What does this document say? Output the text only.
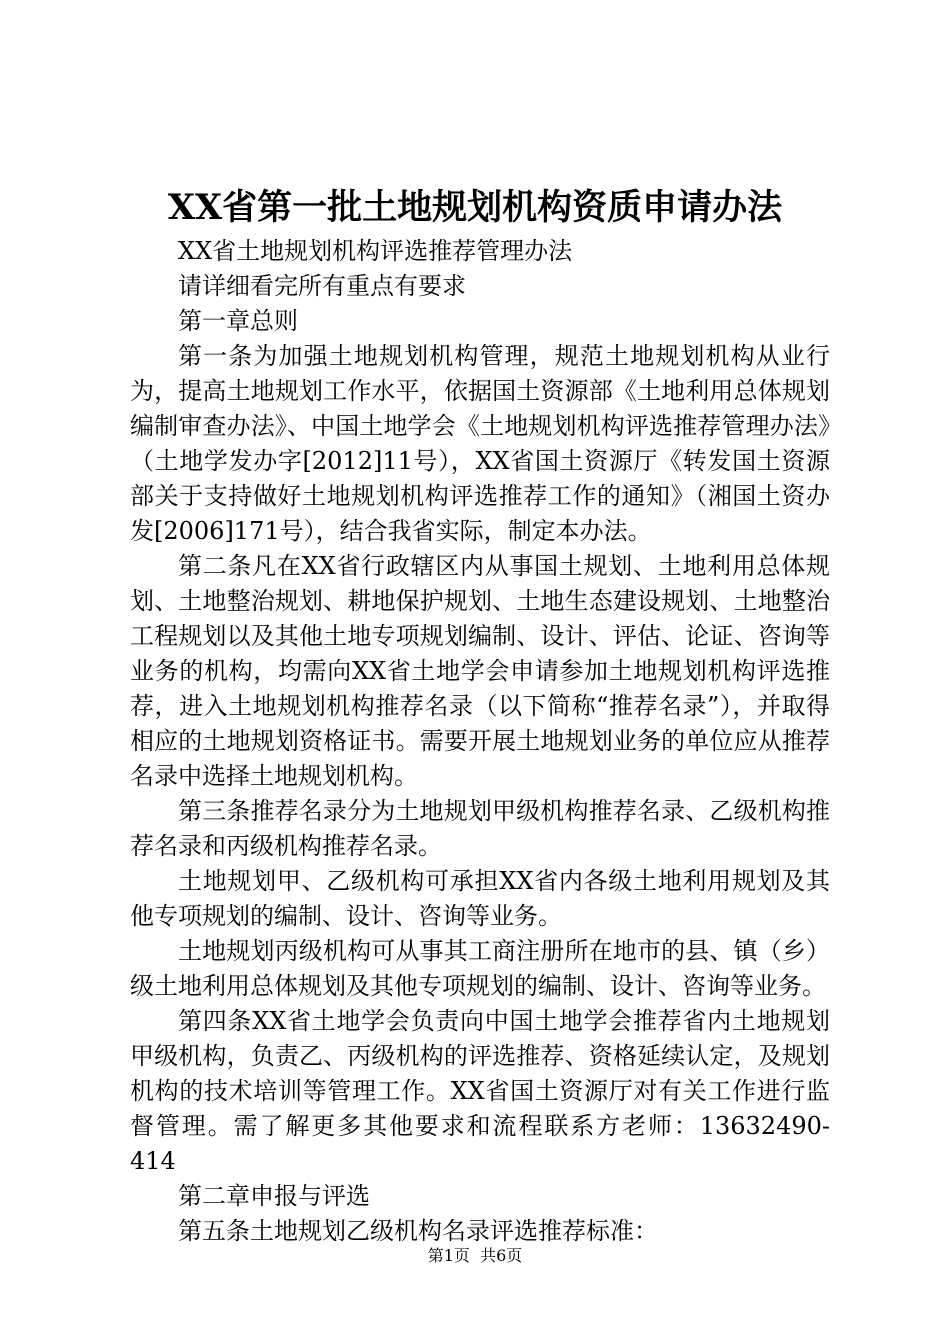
XX省第一批土地规划机构资质申请办法

XX省土地规划机构评选推荐管理办法

请详细看完所有重点有要求

第一章总则

第一条为加强土地规划机构管理，规范土地规划机构从业行为，提高土地规划工作水平，依据国土资源部《土地利用总体规划编制审查办法》、中国土地学会《土地规划机构评选推荐管理办法》（土地学发办字[2012]11号），XX省国土资源厅《转发国土资源部关于支持做好土地规划机构评选推荐工作的通知》（湘国土资办发[2006]171号），结合我省实际，制定本办法。

第二条凡在XX省行政辖区内从事国土规划、土地利用总体规划、土地整治规划、耕地保护规划、土地生态建设规划、土地整治工程规划以及其他土地专项规划编制、设计、评估、论证、咨询等业务的机构，均需向XX省土地学会申请参加土地规划机构评选推荐，进入土地规划机构推荐名录（以下简称“推荐名录”），并取得相应的土地规划资格证书。需要开展土地规划业务的单位应从推荐名录中选择土地规划机构。

第三条推荐名录分为土地规划甲级机构推荐名录、乙级机构推荐名录和丙级机构推荐名录。

土地规划甲、乙级机构可承担XX省内各级土地利用规划及其他专项规划的编制、设计、咨询等业务。

土地规划丙级机构可从事其工商注册所在地市的县、镇（乡）级土地利用总体规划及其他专项规划的编制、设计、咨询等业务。

第四条XX省土地学会负责向中国土地学会推荐省内土地规划甲级机构，负责乙、丙级机构的评选推荐、资格延续认定，及规划机构的技术培训等管理工作。XX省国土资源厅对有关工作进行监督管理。需了解更多其他要求和流程联系方老师：13632490-414

第二章申报与评选

第五条土地规划乙级机构名录评选推荐标准：

第1页  共6页
